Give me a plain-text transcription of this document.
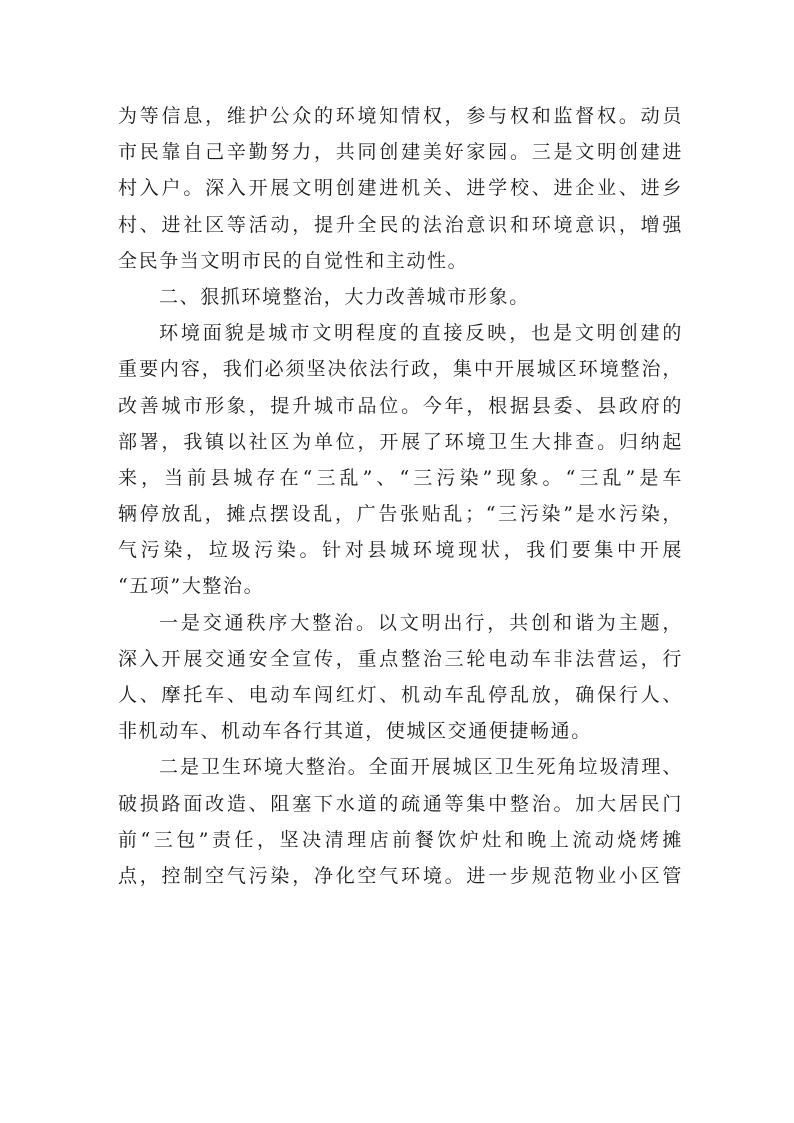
为等信息，维护公众的环境知情权，参与权和监督权。动员
市民靠自己辛勤努力，共同创建美好家园。三是文明创建进
村入户。深入开展文明创建进机关、进学校、进企业、进乡
村、进社区等活动，提升全民的法治意识和环境意识，增强
全民争当文明市民的自觉性和主动性。
二、狠抓环境整治，大力改善城市形象。
环境面貌是城市文明程度的直接反映，也是文明创建的
重要内容，我们必须坚决依法行政，集中开展城区环境整治，
改善城市形象，提升城市品位。今年，根据县委、县政府的
部署，我镇以社区为单位，开展了环境卫生大排查。归纳起
来，当前县城存在“三乱”、“三污染”现象。“三乱”是车
辆停放乱，摊点摆设乱，广告张贴乱；“三污染”是水污染，
气污染，垃圾污染。针对县城环境现状，我们要集中开展
“五项”大整治。
一是交通秩序大整治。以文明出行，共创和谐为主题，
深入开展交通安全宣传，重点整治三轮电动车非法营运，行
人、摩托车、电动车闯红灯、机动车乱停乱放，确保行人、
非机动车、机动车各行其道，使城区交通便捷畅通。
二是卫生环境大整治。全面开展城区卫生死角垃圾清理、
破损路面改造、阻塞下水道的疏通等集中整治。加大居民门
前“三包”责任，坚决清理店前餐饮炉灶和晚上流动烧烤摊
点，控制空气污染，净化空气环境。进一步规范物业小区管
